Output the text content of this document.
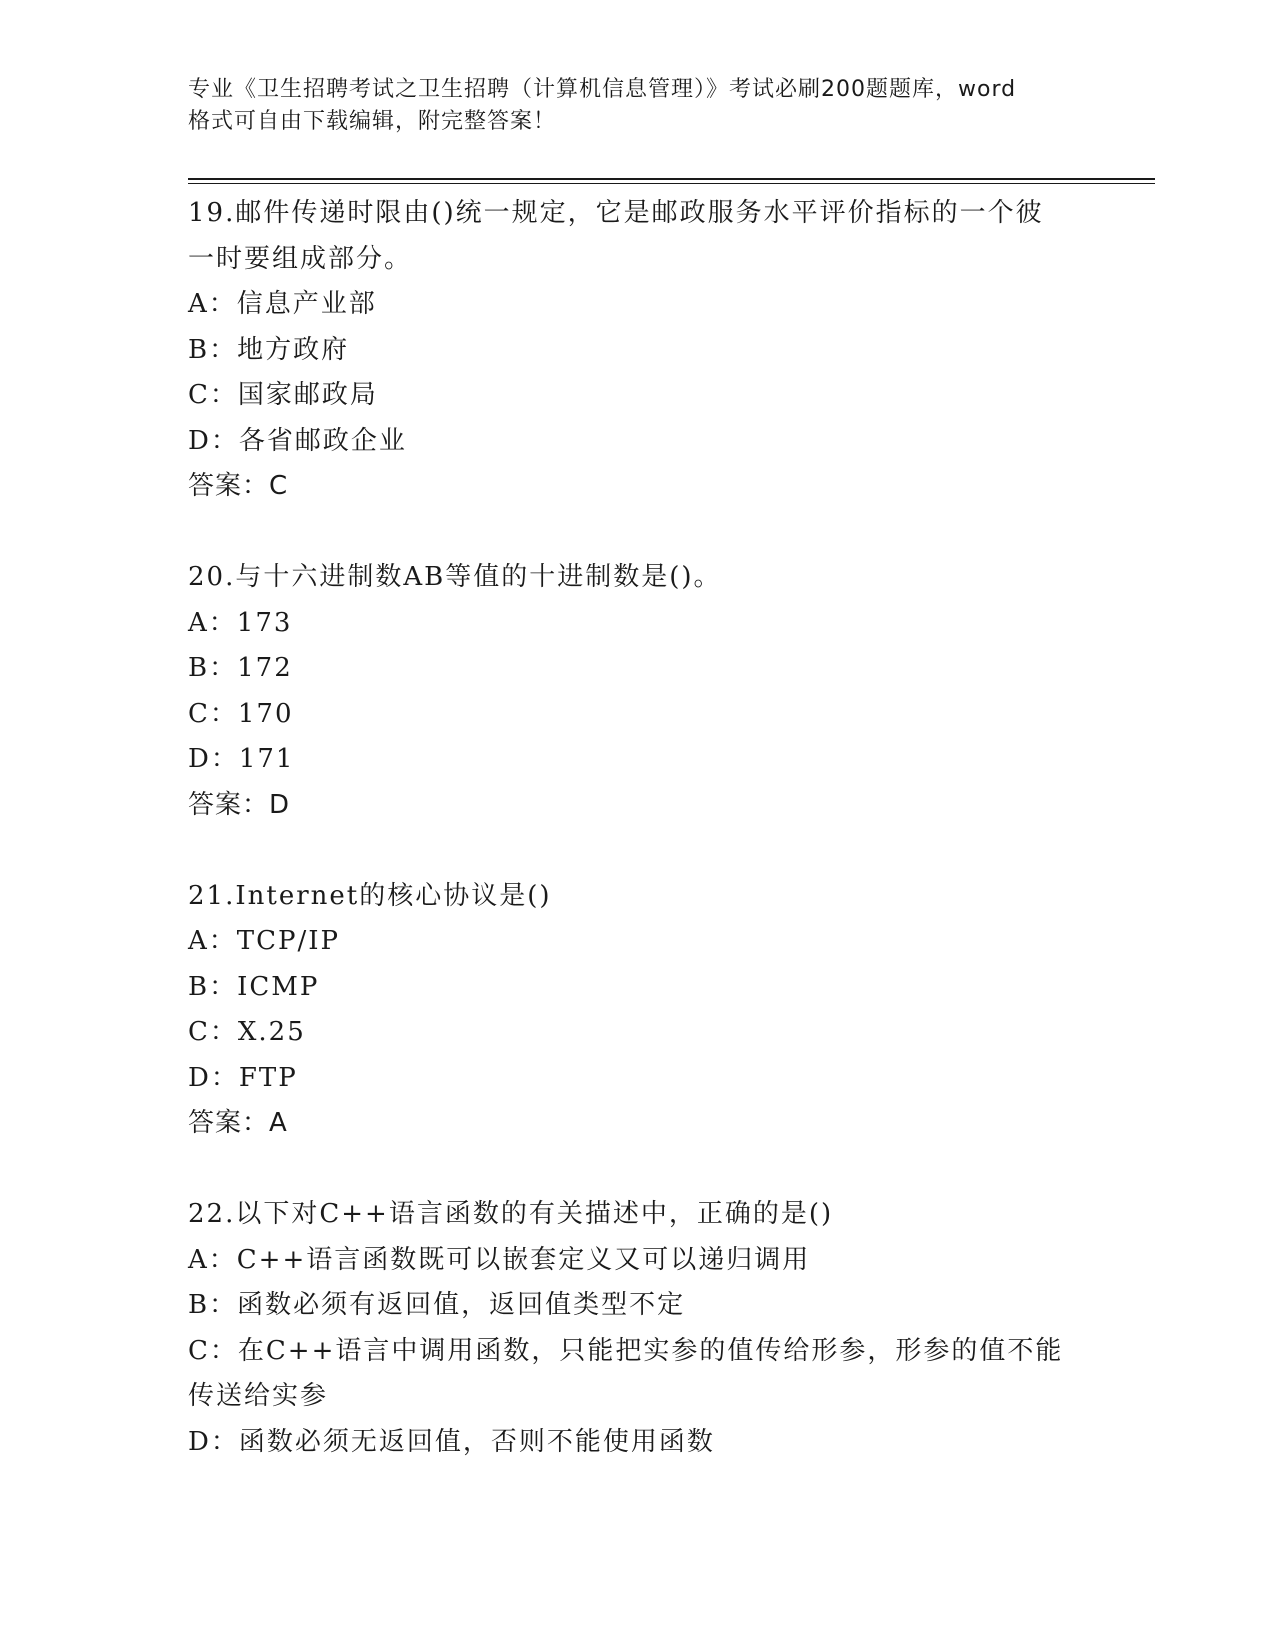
专业《卫生招聘考试之卫生招聘（计算机信息管理）》考试必刷200题题库，word
格式可自由下载编辑，附完整答案！
19.邮件传递时限由()统一规定，它是邮政服务水平评价指标的一个彼
一时要组成部分。
A：信息产业部
B：地方政府
C：国家邮政局
D：各省邮政企业
答案：C
20.与十六进制数AB等值的十进制数是()。
A：173
B：172
C：170
D：171
答案：D
21.Internet的核心协议是()
A：TCP/IP
B：ICMP
C：X.25
D：FTP
答案：A
22.以下对C++语言函数的有关描述中，正确的是()
A：C++语言函数既可以嵌套定义又可以递归调用
B：函数必须有返回值，返回值类型不定
C：在C++语言中调用函数，只能把实参的值传给形参，形参的值不能
传送给实参
D：函数必须无返回值，否则不能使用函数
